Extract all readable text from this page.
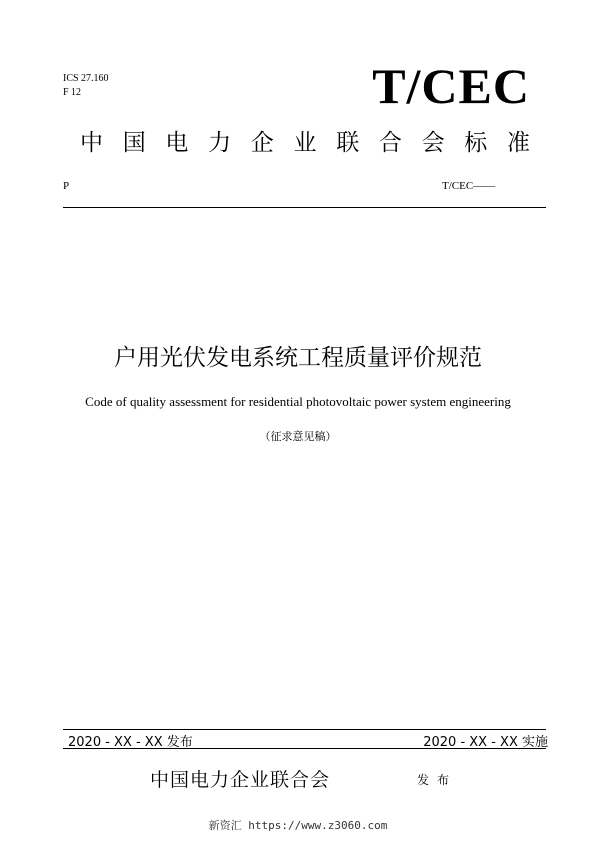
ICS 27.160
F 12	T/CEC
中国电力企业联合会标准
P	T/CEC——
户用光伏发电系统工程质量评价规范
Code of quality assessment for residential photovoltaic power system engineering
（征求意见稿）
2020 - XX - XX 发布	2020 - XX - XX 实施
中国电力企业联合会	发布
新资汇 https://www.z3060.com
